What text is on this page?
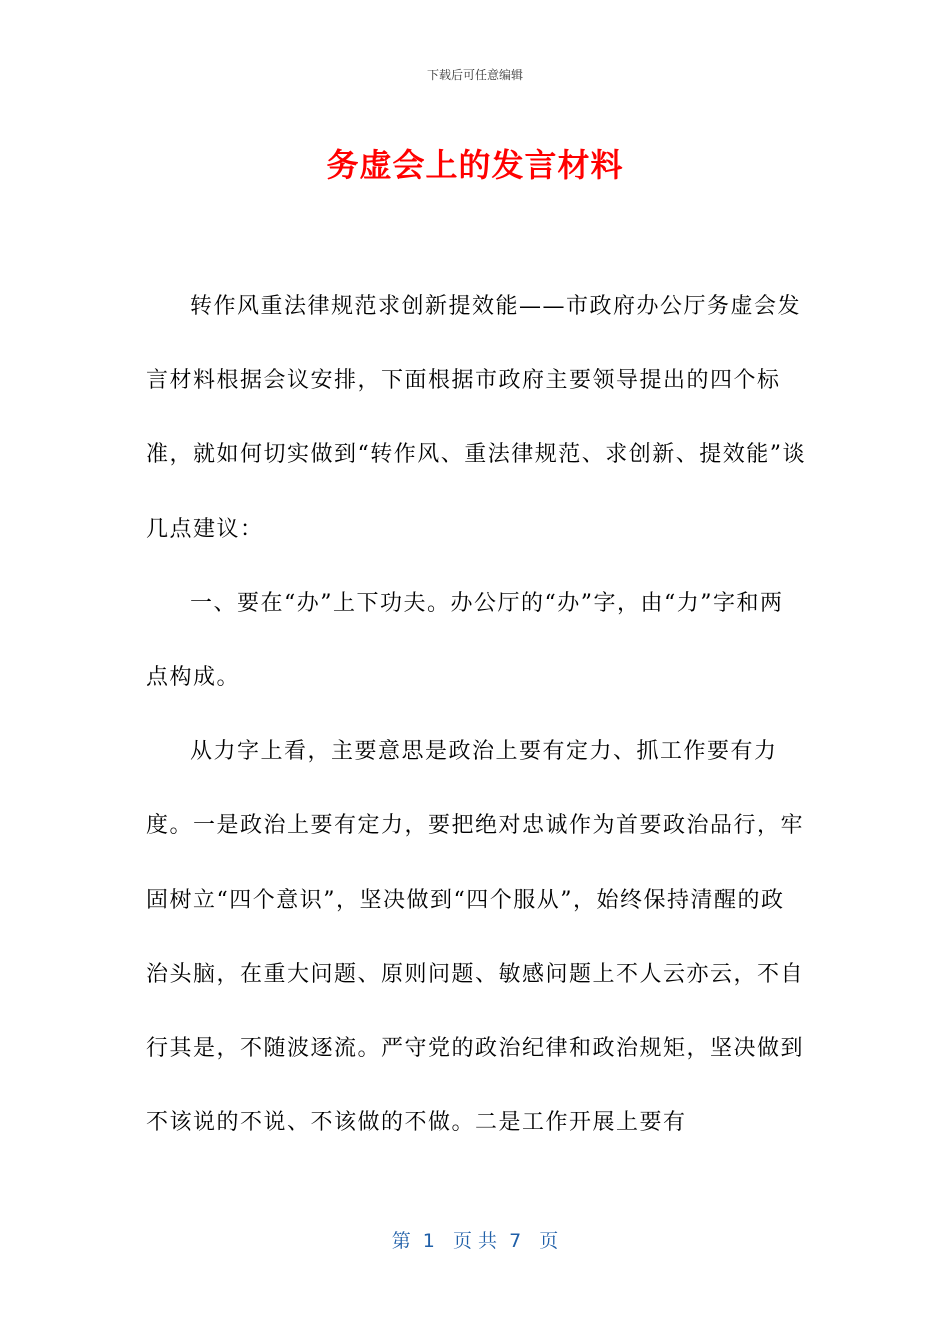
下载后可任意编辑
务虚会上的发言材料

转作风重法律规范求创新提效能——市政府办公厅务虚会发言材料根据会议安排，下面根据市政府主要领导提出的四个标准，就如何切实做到“转作风、重法律规范、求创新、提效能”谈几点建议：

一、要在“办”上下功夫。办公厅的“办”字，由“力”字和两点构成。

从力字上看，主要意思是政治上要有定力、抓工作要有力度。一是政治上要有定力，要把绝对忠诚作为首要政治品行，牢固树立“四个意识”，坚决做到“四个服从”，始终保持清醒的政治头脑，在重大问题、原则问题、敏感问题上不人云亦云，不自行其是，不随波逐流。严守党的政治纪律和政治规矩，坚决做到不该说的不说、不该做的不做。二是工作开展上要有

第  1   页 共  7   页
